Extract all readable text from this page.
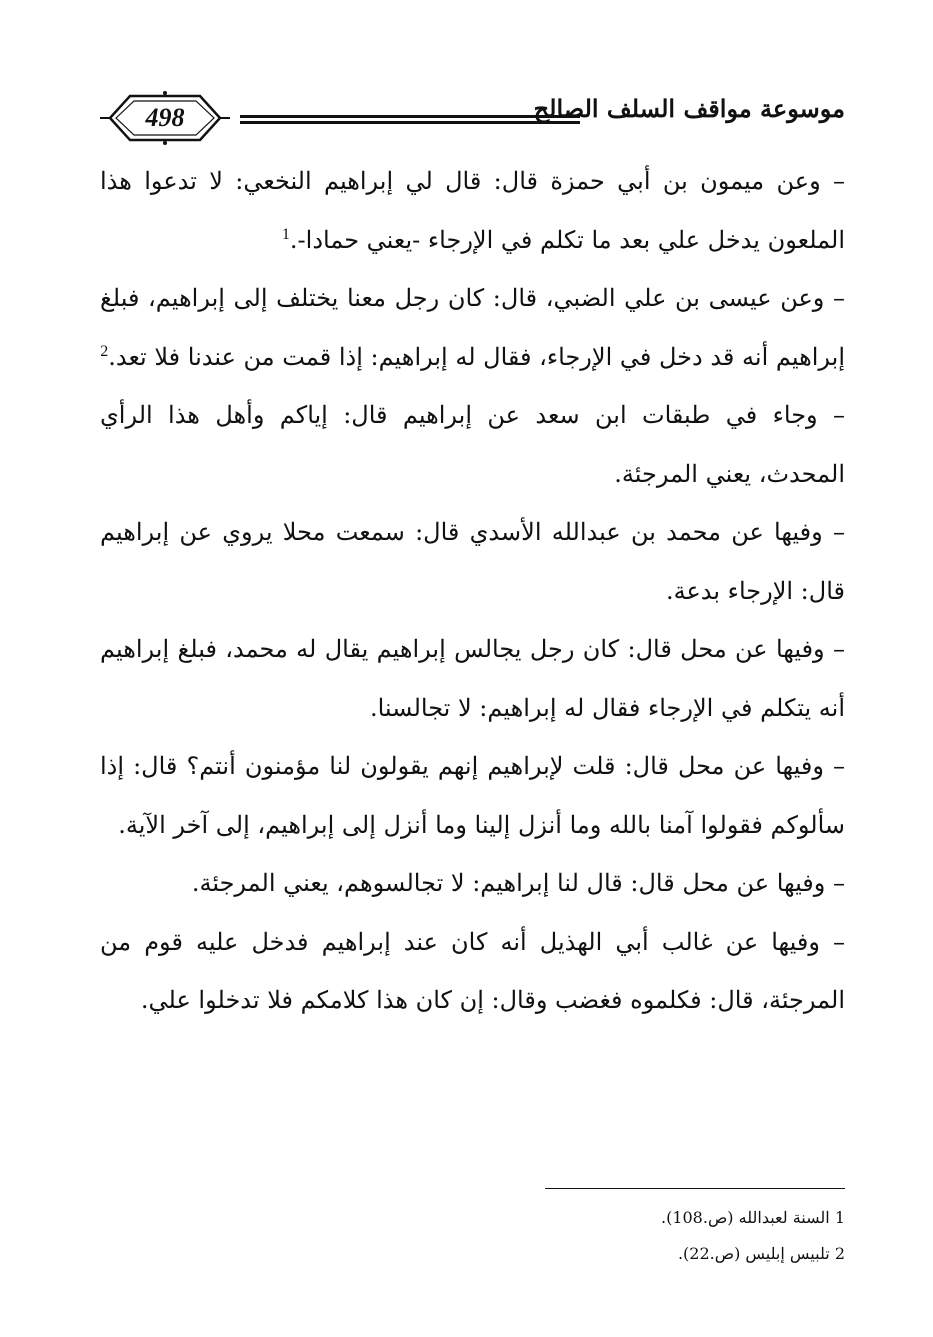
498	موسوعة مواقف السلف الصالح

– وعن ميمون بن أبي حمزة قال: قال لي إبراهيم النخعي: لا تدعوا هذا الملعون يدخل علي بعد ما تكلم في الإرجاء -يعني حمادا-.$^1$

– وعن عيسى بن علي الضبي، قال: كان رجل معنا يختلف إلى إبراهيم، فبلغ إبراهيم أنه قد دخل في الإرجاء، فقال له إبراهيم: إذا قمت من عندنا فلا تعد.$^2$

– وجاء في طبقات ابن سعد عن إبراهيم قال: إياكم وأهل هذا الرأي المحدث، يعني المرجئة.

– وفيها عن محمد بن عبدالله الأسدي قال: سمعت محلا يروي عن إبراهيم قال: الإرجاء بدعة.

– وفيها عن محل قال: كان رجل يجالس إبراهيم يقال له محمد، فبلغ إبراهيم أنه يتكلم في الإرجاء فقال له إبراهيم: لا تجالسنا.

– وفيها عن محل قال: قلت لإبراهيم إنهم يقولون لنا مؤمنون أنتم؟ قال: إذا سألوكم فقولوا آمنا بالله وما أنزل إلينا وما أنزل إلى إبراهيم، إلى آخر الآية.

– وفيها عن محل قال: قال لنا إبراهيم: لا تجالسوهم، يعني المرجئة.

– وفيها عن غالب أبي الهذيل أنه كان عند إبراهيم فدخل عليه قوم من المرجئة، قال: فكلموه فغضب وقال: إن كان هذا كلامكم فلا تدخلوا علي.

1 السنة لعبدالله (ص.108).

2 تلبيس إبليس (ص.22).
